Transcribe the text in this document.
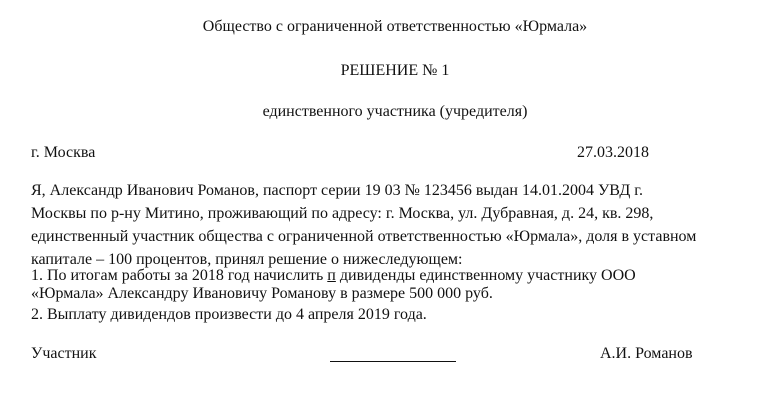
Общество с ограниченной ответственностью «Юрмала»
РЕШЕНИЕ № 1
единственного участника (учредителя)
г. Москва	27.03.2018
Я, Александр Иванович Романов, паспорт серии 19 03 № 123456 выдан 14.01.2004 УВД г.
Москвы по р-ну Митино, проживающий по адресу: г. Москва, ул. Дубравная, д. 24, кв. 298,
единственный участник общества с ограниченной ответственностью «Юрмала», доля в уставном
капитале – 100 процентов, принял решение о нижеследующем:
1. По итогам работы за 2018 год начислить п дивиденды единственному участнику ООО
«Юрмала» Александру Ивановичу Романову в размере 500 000 руб.
2. Выплату дивидендов произвести до 4 апреля 2019 года.
Участник	А.И. Романов
